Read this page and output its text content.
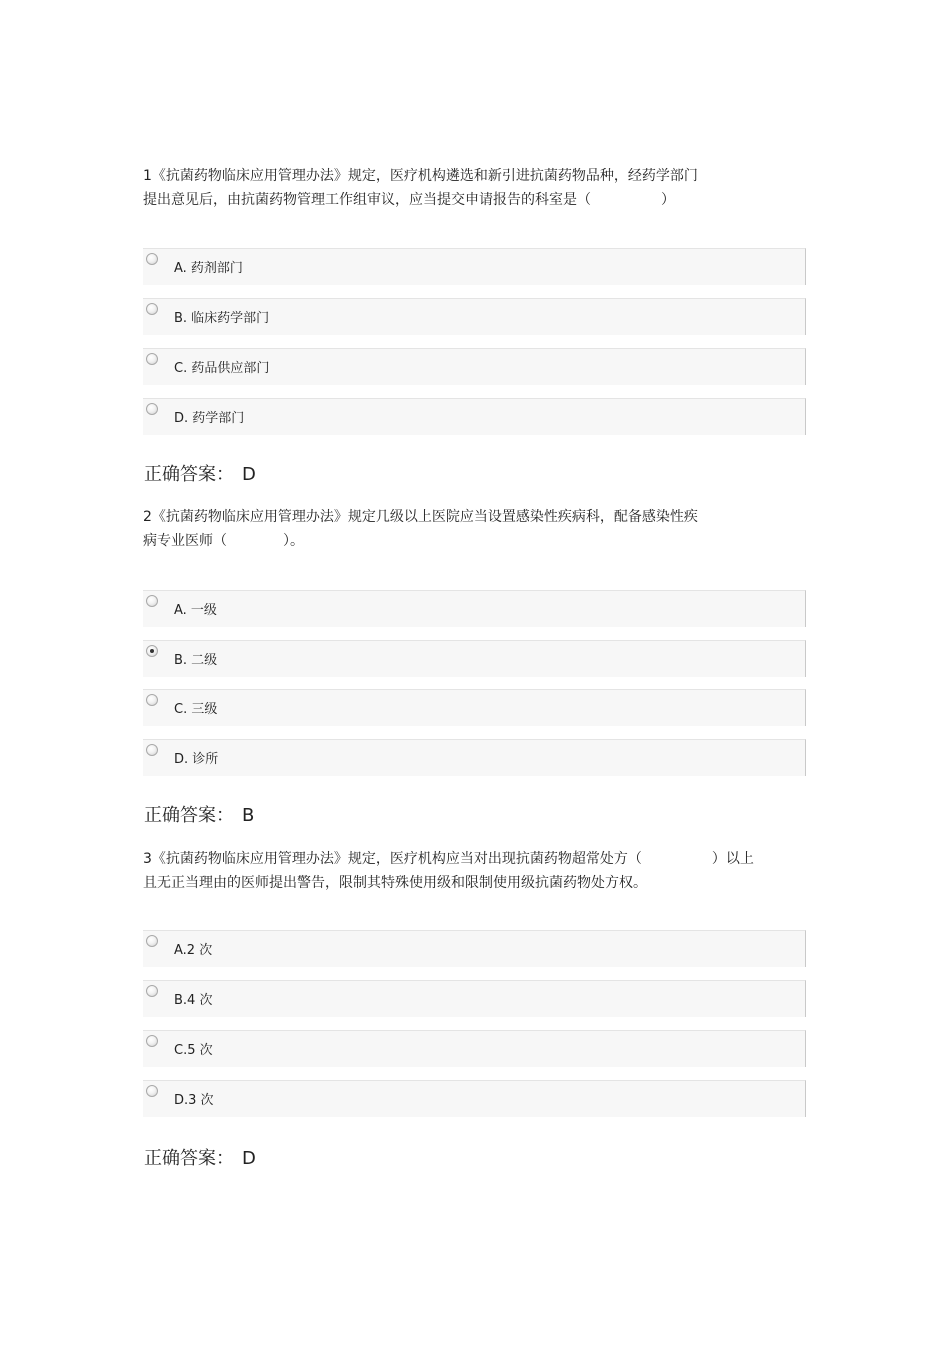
1《抗菌药物临床应用管理办法》规定，医疗机构遴选和新引进抗菌药物品种，经药学部门
提出意见后，由抗菌药物管理工作组审议，应当提交申请报告的科室是（　　　　　）
A. 药剂部门
B. 临床药学部门
C. 药品供应部门
D. 药学部门
正确答案： D
2《抗菌药物临床应用管理办法》规定几级以上医院应当设置感染性疾病科，配备感染性疾
病专业医师（　　　　）。
A. 一级
B. 二级
C. 三级
D. 诊所
正确答案： B
3《抗菌药物临床应用管理办法》规定，医疗机构应当对出现抗菌药物超常处方（　　　　　）以上
且无正当理由的医师提出警告，限制其特殊使用级和限制使用级抗菌药物处方权。
A.2 次
B.4 次
C.5 次
D.3 次
正确答案： D
